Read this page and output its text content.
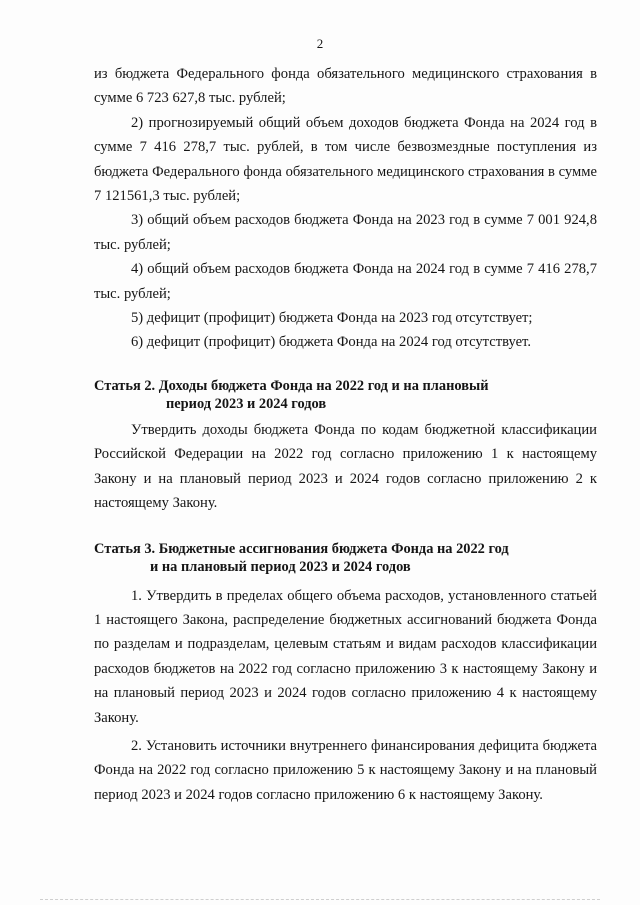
2

из бюджета Федерального фонда обязательного медицинского страхования в сумме 6 723 627,8 тыс. рублей;

2) прогнозируемый общий объем доходов бюджета Фонда на 2024 год в сумме 7 416 278,7 тыс. рублей, в том числе безвозмездные поступления из бюджета Федерального фонда обязательного медицинского страхования в сумме 7 121561,3 тыс. рублей;

3) общий объем расходов бюджета Фонда на 2023 год в сумме 7 001 924,8 тыс. рублей;

4) общий объем расходов бюджета Фонда на 2024 год в сумме 7 416 278,7 тыс. рублей;

5) дефицит (профицит) бюджета Фонда на 2023 год отсутствует;

6) дефицит (профицит) бюджета Фонда на 2024 год отсутствует.

Статья 2. Доходы бюджета Фонда на 2022 год и на плановый
период 2023 и 2024 годов

Утвердить доходы бюджета Фонда по кодам бюджетной классификации Российской Федерации на 2022 год согласно приложению 1 к настоящему Закону и на плановый период 2023 и 2024 годов согласно приложению 2 к настоящему Закону.

Статья 3. Бюджетные ассигнования бюджета Фонда на 2022 год
и на плановый период 2023 и 2024 годов

1. Утвердить в пределах общего объема расходов, установленного статьей 1 настоящего Закона, распределение бюджетных ассигнований бюджета Фонда по разделам и подразделам, целевым статьям и видам расходов классификации расходов бюджетов на 2022 год согласно приложению 3 к настоящему Закону и на плановый период 2023 и 2024 годов согласно приложению 4 к настоящему Закону.

2. Установить источники внутреннего финансирования дефицита бюджета Фонда на 2022 год согласно приложению 5 к настоящему Закону и на плановый период 2023 и 2024 годов согласно приложению 6 к настоящему Закону.
